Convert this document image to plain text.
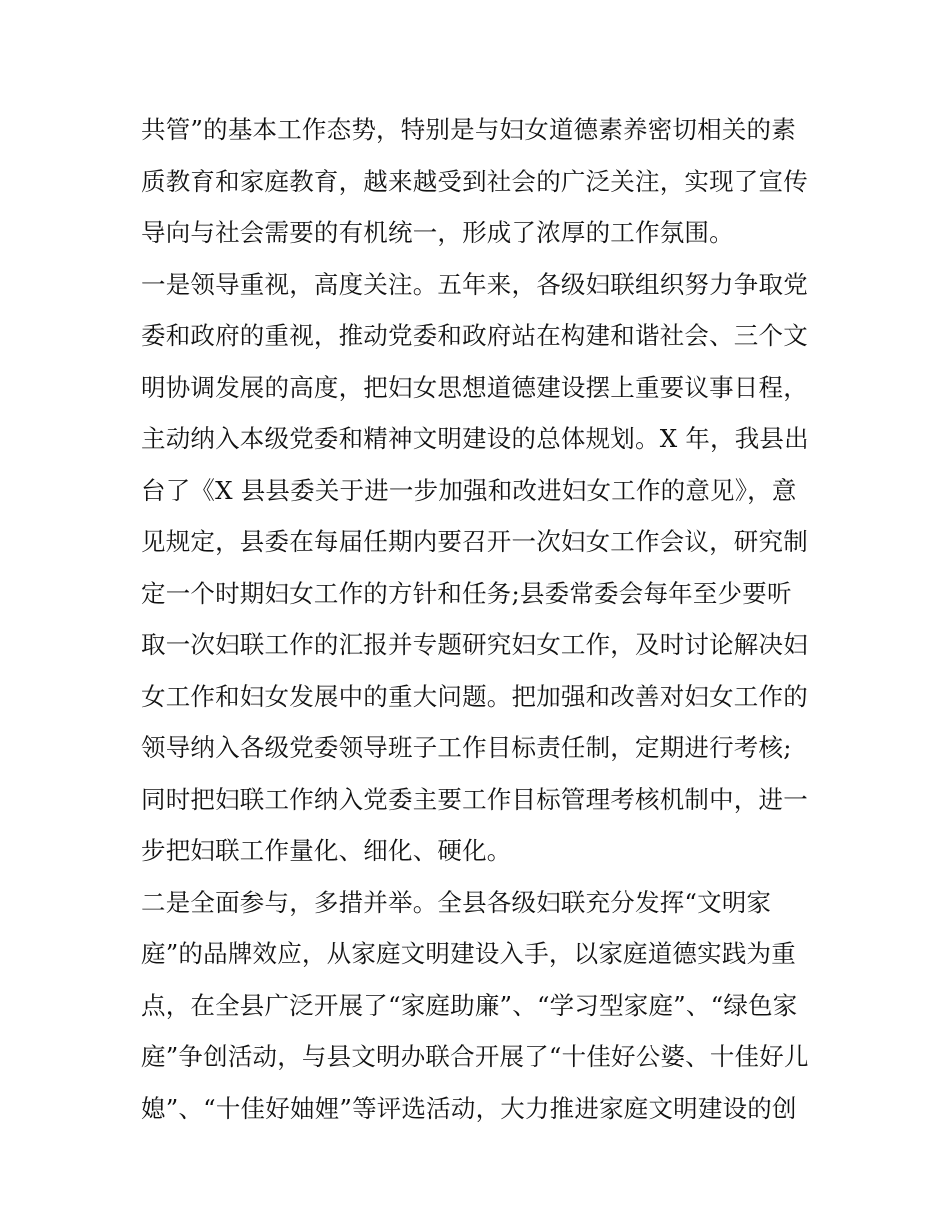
共管”的基本工作态势，特别是与妇女道德素养密切相关的素
质教育和家庭教育，越来越受到社会的广泛关注，实现了宣传
导向与社会需要的有机统一，形成了浓厚的工作氛围。
一是领导重视，高度关注。五年来，各级妇联组织努力争取党
委和政府的重视，推动党委和政府站在构建和谐社会、三个文
明协调发展的高度，把妇女思想道德建设摆上重要议事日程，
主动纳入本级党委和精神文明建设的总体规划。X 年，我县出
台了《X 县县委关于进一步加强和改进妇女工作的意见》，意
见规定，县委在每届任期内要召开一次妇女工作会议，研究制
定一个时期妇女工作的方针和任务;县委常委会每年至少要听
取一次妇联工作的汇报并专题研究妇女工作，及时讨论解决妇
女工作和妇女发展中的重大问题。把加强和改善对妇女工作的
领导纳入各级党委领导班子工作目标责任制，定期进行考核;
同时把妇联工作纳入党委主要工作目标管理考核机制中，进一
步把妇联工作量化、细化、硬化。
二是全面参与，多措并举。全县各级妇联充分发挥“文明家
庭”的品牌效应，从家庭文明建设入手，以家庭道德实践为重
点，在全县广泛开展了“家庭助廉”、“学习型家庭”、“绿色家
庭”争创活动，与县文明办联合开展了“十佳好公婆、十佳好儿
媳”、“十佳好妯娌”等评选活动，大力推进家庭文明建设的创
